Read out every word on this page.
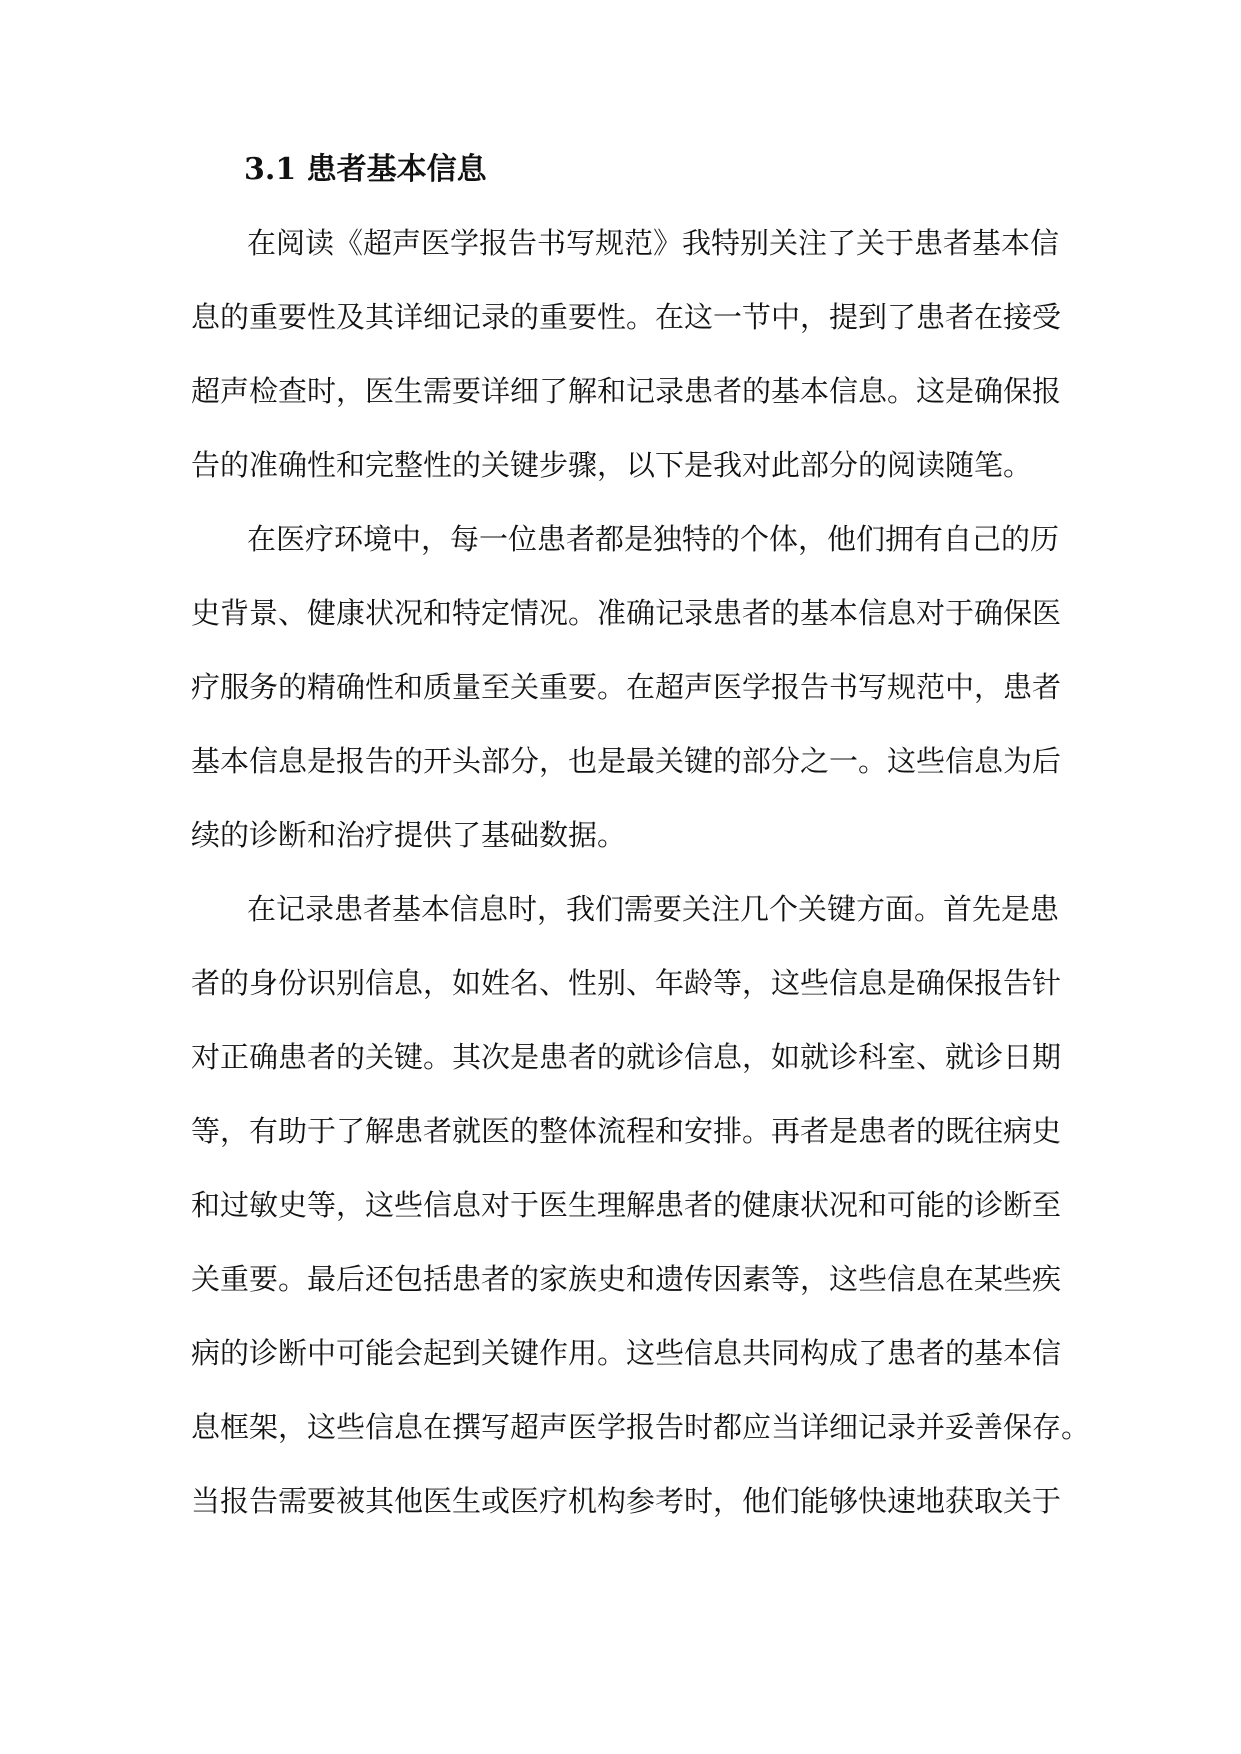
3.1 患者基本信息

在阅读《超声医学报告书写规范》我特别关注了关于患者基本信

息的重要性及其详细记录的重要性。在这一节中，提到了患者在接受

超声检查时，医生需要详细了解和记录患者的基本信息。这是确保报

告的准确性和完整性的关键步骤，以下是我对此部分的阅读随笔。

在医疗环境中，每一位患者都是独特的个体，他们拥有自己的历

史背景、健康状况和特定情况。准确记录患者的基本信息对于确保医

疗服务的精确性和质量至关重要。在超声医学报告书写规范中，患者

基本信息是报告的开头部分，也是最关键的部分之一。这些信息为后

续的诊断和治疗提供了基础数据。

在记录患者基本信息时，我们需要关注几个关键方面。首先是患

者的身份识别信息，如姓名、性别、年龄等，这些信息是确保报告针

对正确患者的关键。其次是患者的就诊信息，如就诊科室、就诊日期

等，有助于了解患者就医的整体流程和安排。再者是患者的既往病史

和过敏史等，这些信息对于医生理解患者的健康状况和可能的诊断至

关重要。最后还包括患者的家族史和遗传因素等，这些信息在某些疾

病的诊断中可能会起到关键作用。这些信息共同构成了患者的基本信

息框架，这些信息在撰写超声医学报告时都应当详细记录并妥善保存。

当报告需要被其他医生或医疗机构参考时，他们能够快速地获取关于
